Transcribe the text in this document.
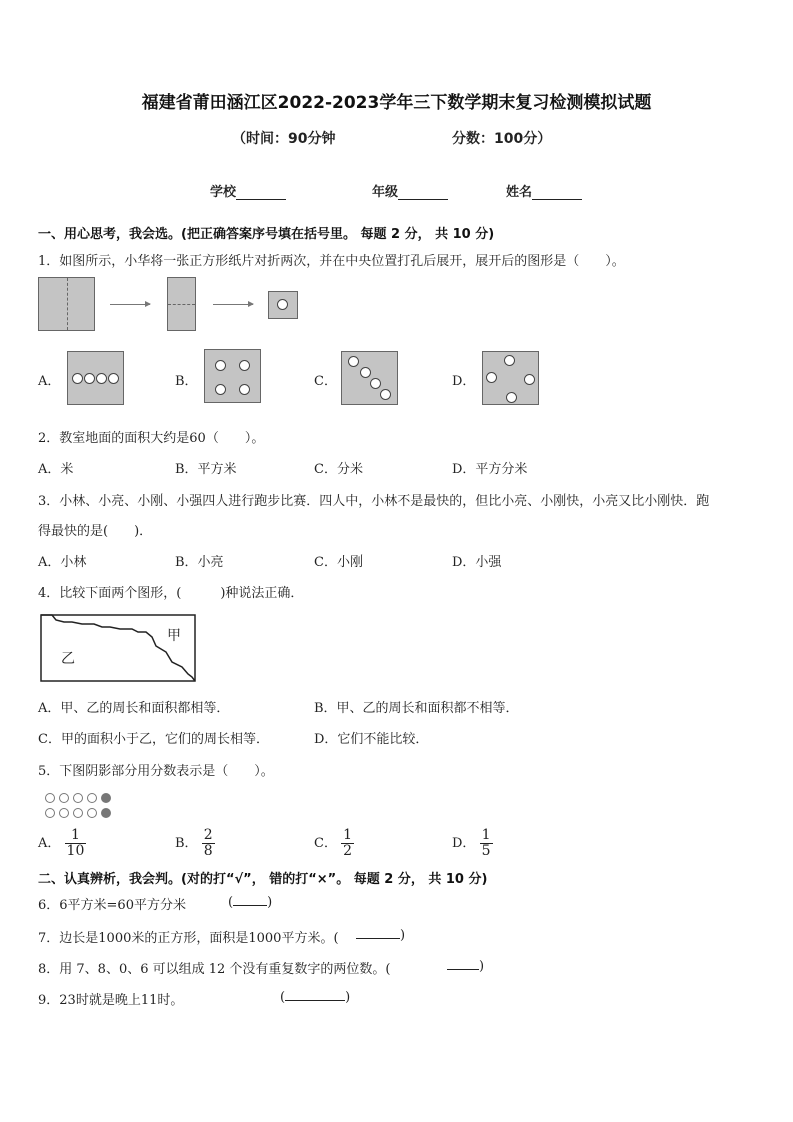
福建省莆田涵江区2022-2023学年三下数学期末复习检测模拟试题
（时间：90分钟	分数：100分）
学校	年级	姓名
一、用心思考，我会选。(把正确答案序号填在括号里。 每题 2 分， 共 10 分)
1．如图所示，小华将一张正方形纸片对折两次，并在中央位置打孔后展开，展开后的图形是（　　）。
A．	B．	C．	D．
2．教室地面的面积大约是60（　　）。
A．米	B．平方米	C．分米	D．平方分米
3．小林、小亮、小刚、小强四人进行跑步比赛．四人中，小林不是最快的，但比小亮、小刚快，小亮又比小刚快．跑
得最快的是(　　)．
A．小林	B．小亮	C．小刚	D．小强
4．比较下面两个图形，(　　　)种说法正确．
甲
乙
A．甲、乙的周长和面积都相等．	B．甲、乙的周长和面积都不相等．
C．甲的面积小于乙，它们的周长相等．	D．它们不能比较．
5．下图阴影部分用分数表示是（　　）。
A． $\frac{1}{10}$	B． $\frac{2}{8}$	C． $\frac{1}{2}$	D． $\frac{1}{5}$
二、认真辨析，我会判。(对的打“√”， 错的打“×”。 每题 2 分， 共 10 分)
6．6平方米=60平方分米	(	)
7．边长是1000米的正方形，面积是1000平方米。(	)
8．用 7、8、0、6 可以组成 12 个没有重复数字的两位数。(	)
9．23时就是晚上11时。	(	)
